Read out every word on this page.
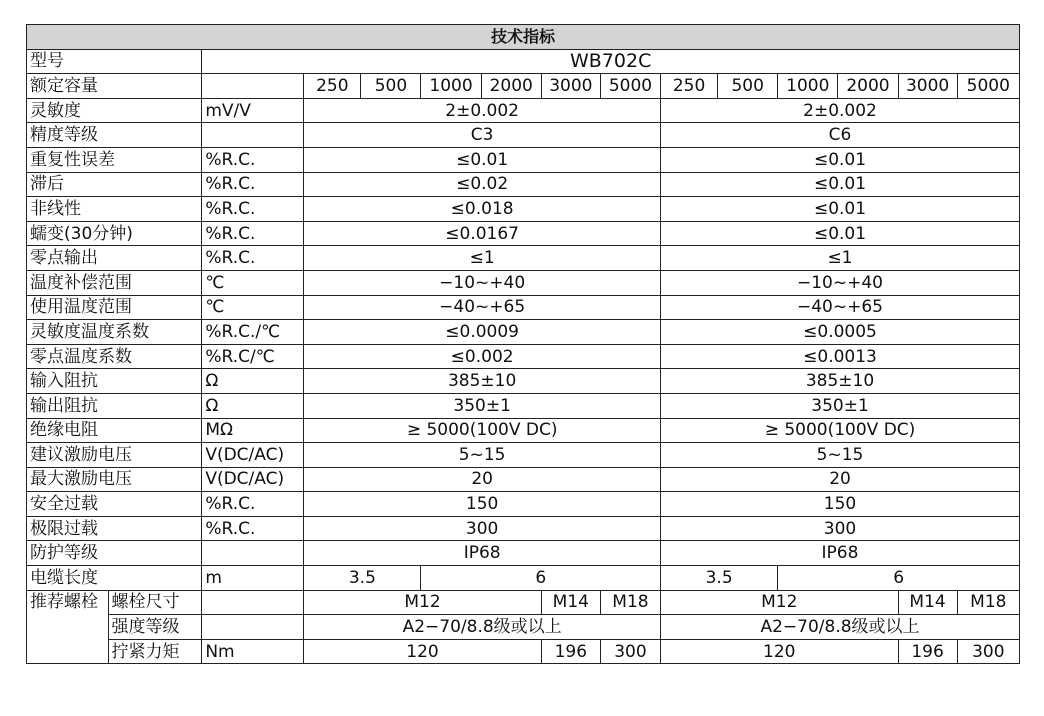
技术指标														
型号		WB702C												
额定容量			250	500	1000	2000	3000	5000	250	500	1000	2000	3000	5000
灵敏度		mV/V	2±0.002						2±0.002					
精度等级			C3						C6					
重复性误差		%R.C.	≤0.01						≤0.01					
滞后		%R.C.	≤0.02						≤0.01					
非线性		%R.C.	≤0.018						≤0.01					
蠕变(30分钟)		%R.C.	≤0.0167						≤0.01					
零点输出		%R.C.	≤1						≤1					
温度补偿范围		℃	−10~+40						−10~+40					
使用温度范围		℃	−40~+65						−40~+65					
灵敏度温度系数		%R.C./℃	≤0.0009						≤0.0005					
零点温度系数		%R.C/℃	≤0.002						≤0.0013					
输入阻抗		Ω	385±10						385±10					
输出阻抗		Ω	350±1						350±1					
绝缘电阻		MΩ	≥ 5000(100V DC)						≥ 5000(100V DC)					
建议激励电压		V(DC/AC)	5~15						5~15					
最大激励电压		V(DC/AC)	20						20					
安全过载		%R.C.	150						150					
极限过载		%R.C.	300						300					
防护等级			IP68						IP68					
电缆长度		m	3.5		6				3.5		6			
推荐螺栓	螺栓尺寸		M12				M14	M18	M12				M14	M18
	强度等级		A2−70/8.8级或以上						A2−70/8.8级或以上					
	拧紧力矩	Nm	120				196	300	120				196	300
